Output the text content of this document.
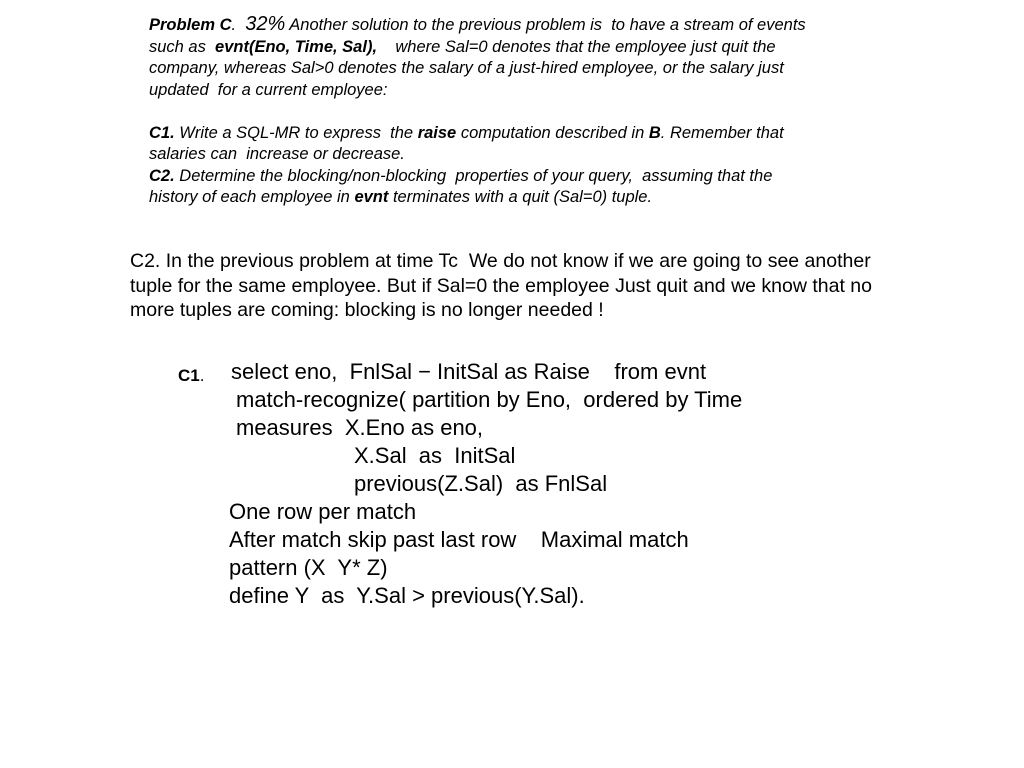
Problem C. 32% Another solution to the previous problem is  to have a stream of events
such as  evnt(Eno, Time, Sal),    where Sal=0 denotes that the employee just quit the
company, whereas Sal>0 denotes the salary of a just-hired employee, or the salary just
updated  for a current employee:
C1. Write a SQL-MR to express  the raise computation described in B. Remember that
salaries can  increase or decrease.
C2. Determine the blocking/non-blocking  properties of your query,  assuming that the
history of each employee in evnt terminates with a quit (Sal=0) tuple.
C2. In the previous problem at time Tc  We do not know if we are going to see another
tuple for the same employee. But if Sal=0 the employee Just quit and we know that no
more tuples are coming: blocking is no longer needed !
C1. select eno,  FnlSal − InitSal as Raise    from evnt
match-recognize( partition by Eno,  ordered by Time
measures  X.Eno as eno,
X.Sal  as  InitSal
previous(Z.Sal)  as FnlSal
One row per match
After match skip past last row    Maximal match
pattern (X  Y* Z)
define Y  as  Y.Sal > previous(Y.Sal).
